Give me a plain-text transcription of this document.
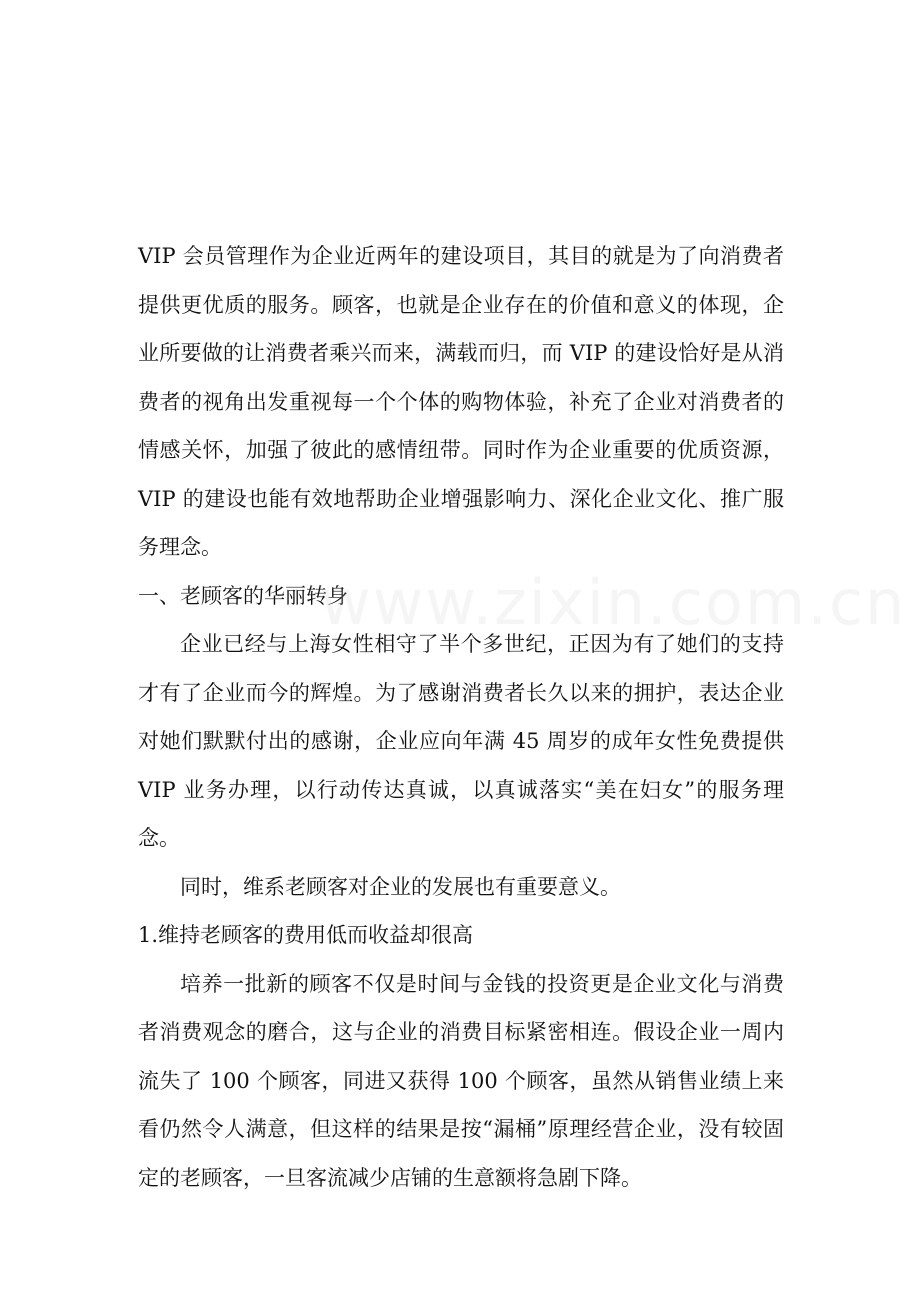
VIP 会员管理作为企业近两年的建设项目，其目的就是为了向消费者提供更优质的服务。顾客，也就是企业存在的价值和意义的体现，企业所要做的让消费者乘兴而来，满载而归，而 VIP 的建设恰好是从消费者的视角出发重视每一个个体的购物体验，补充了企业对消费者的情感关怀，加强了彼此的感情纽带。同时作为企业重要的优质资源，VIP 的建设也能有效地帮助企业增强影响力、深化企业文化、推广服务理念。

一、老顾客的华丽转身

企业已经与上海女性相守了半个多世纪，正因为有了她们的支持才有了企业而今的辉煌。为了感谢消费者长久以来的拥护，表达企业对她们默默付出的感谢，企业应向年满 45 周岁的成年女性免费提供 VIP 业务办理，以行动传达真诚，以真诚落实“美在妇女”的服务理念。

同时，维系老顾客对企业的发展也有重要意义。

1.维持老顾客的费用低而收益却很高

培养一批新的顾客不仅是时间与金钱的投资更是企业文化与消费者消费观念的磨合，这与企业的消费目标紧密相连。假设企业一周内流失了 100 个顾客，同进又获得 100 个顾客，虽然从销售业绩上来看仍然令人满意，但这样的结果是按“漏桶”原理经营企业，没有较固定的老顾客，一旦客流减少店铺的生意额将急剧下降。

www.zixin.com.cn
